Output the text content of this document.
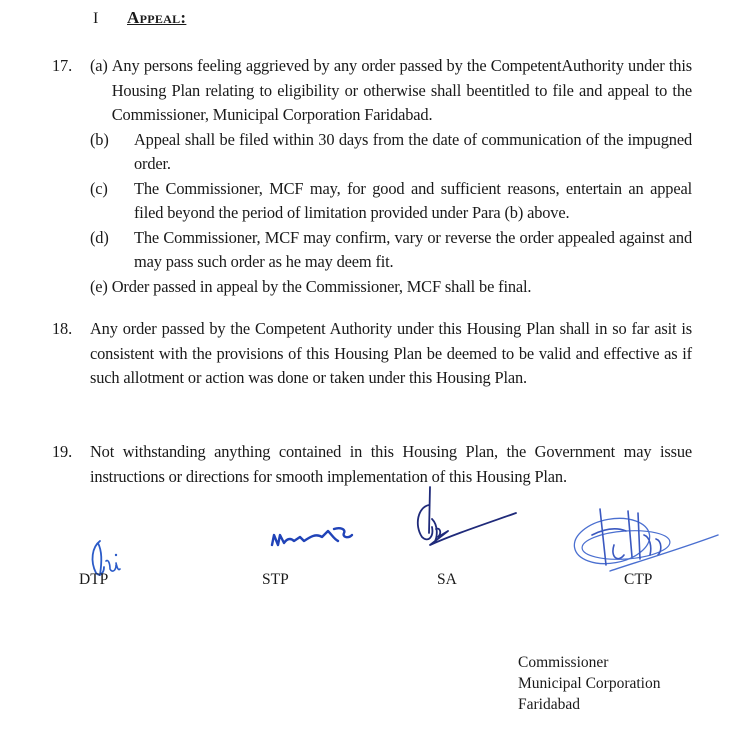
I	Appeal:
17.	(a) Any persons feeling aggrieved by any order passed by the CompetentAuthority under this Housing Plan relating to eligibility or otherwise shall beentitled to file and appeal to the Commissioner, Municipal Corporation Faridabad.
(b)	Appeal shall be filed within 30 days from the date of communication of the impugned order.
(c)	The Commissioner, MCF may, for good and sufficient reasons, entertain an appeal filed beyond the period of limitation provided under Para (b) above.
(d)	The Commissioner, MCF may confirm, vary or reverse the order appealed against and may pass such order as he may deem fit.
(e) Order passed in appeal by the Commissioner, MCF shall be final.
18.	Any order passed by the Competent Authority under this Housing Plan shall in so far asit is consistent with the provisions of this Housing Plan be deemed to be valid and effective as if such allotment or action was done or taken under this Housing Plan.
19.	Not withstanding anything contained in this Housing Plan, the Government may issue instructions or directions for smooth implementation of this Housing Plan.
DTP	STP	SA	CTP
Commissioner
Municipal Corporation
Faridabad
